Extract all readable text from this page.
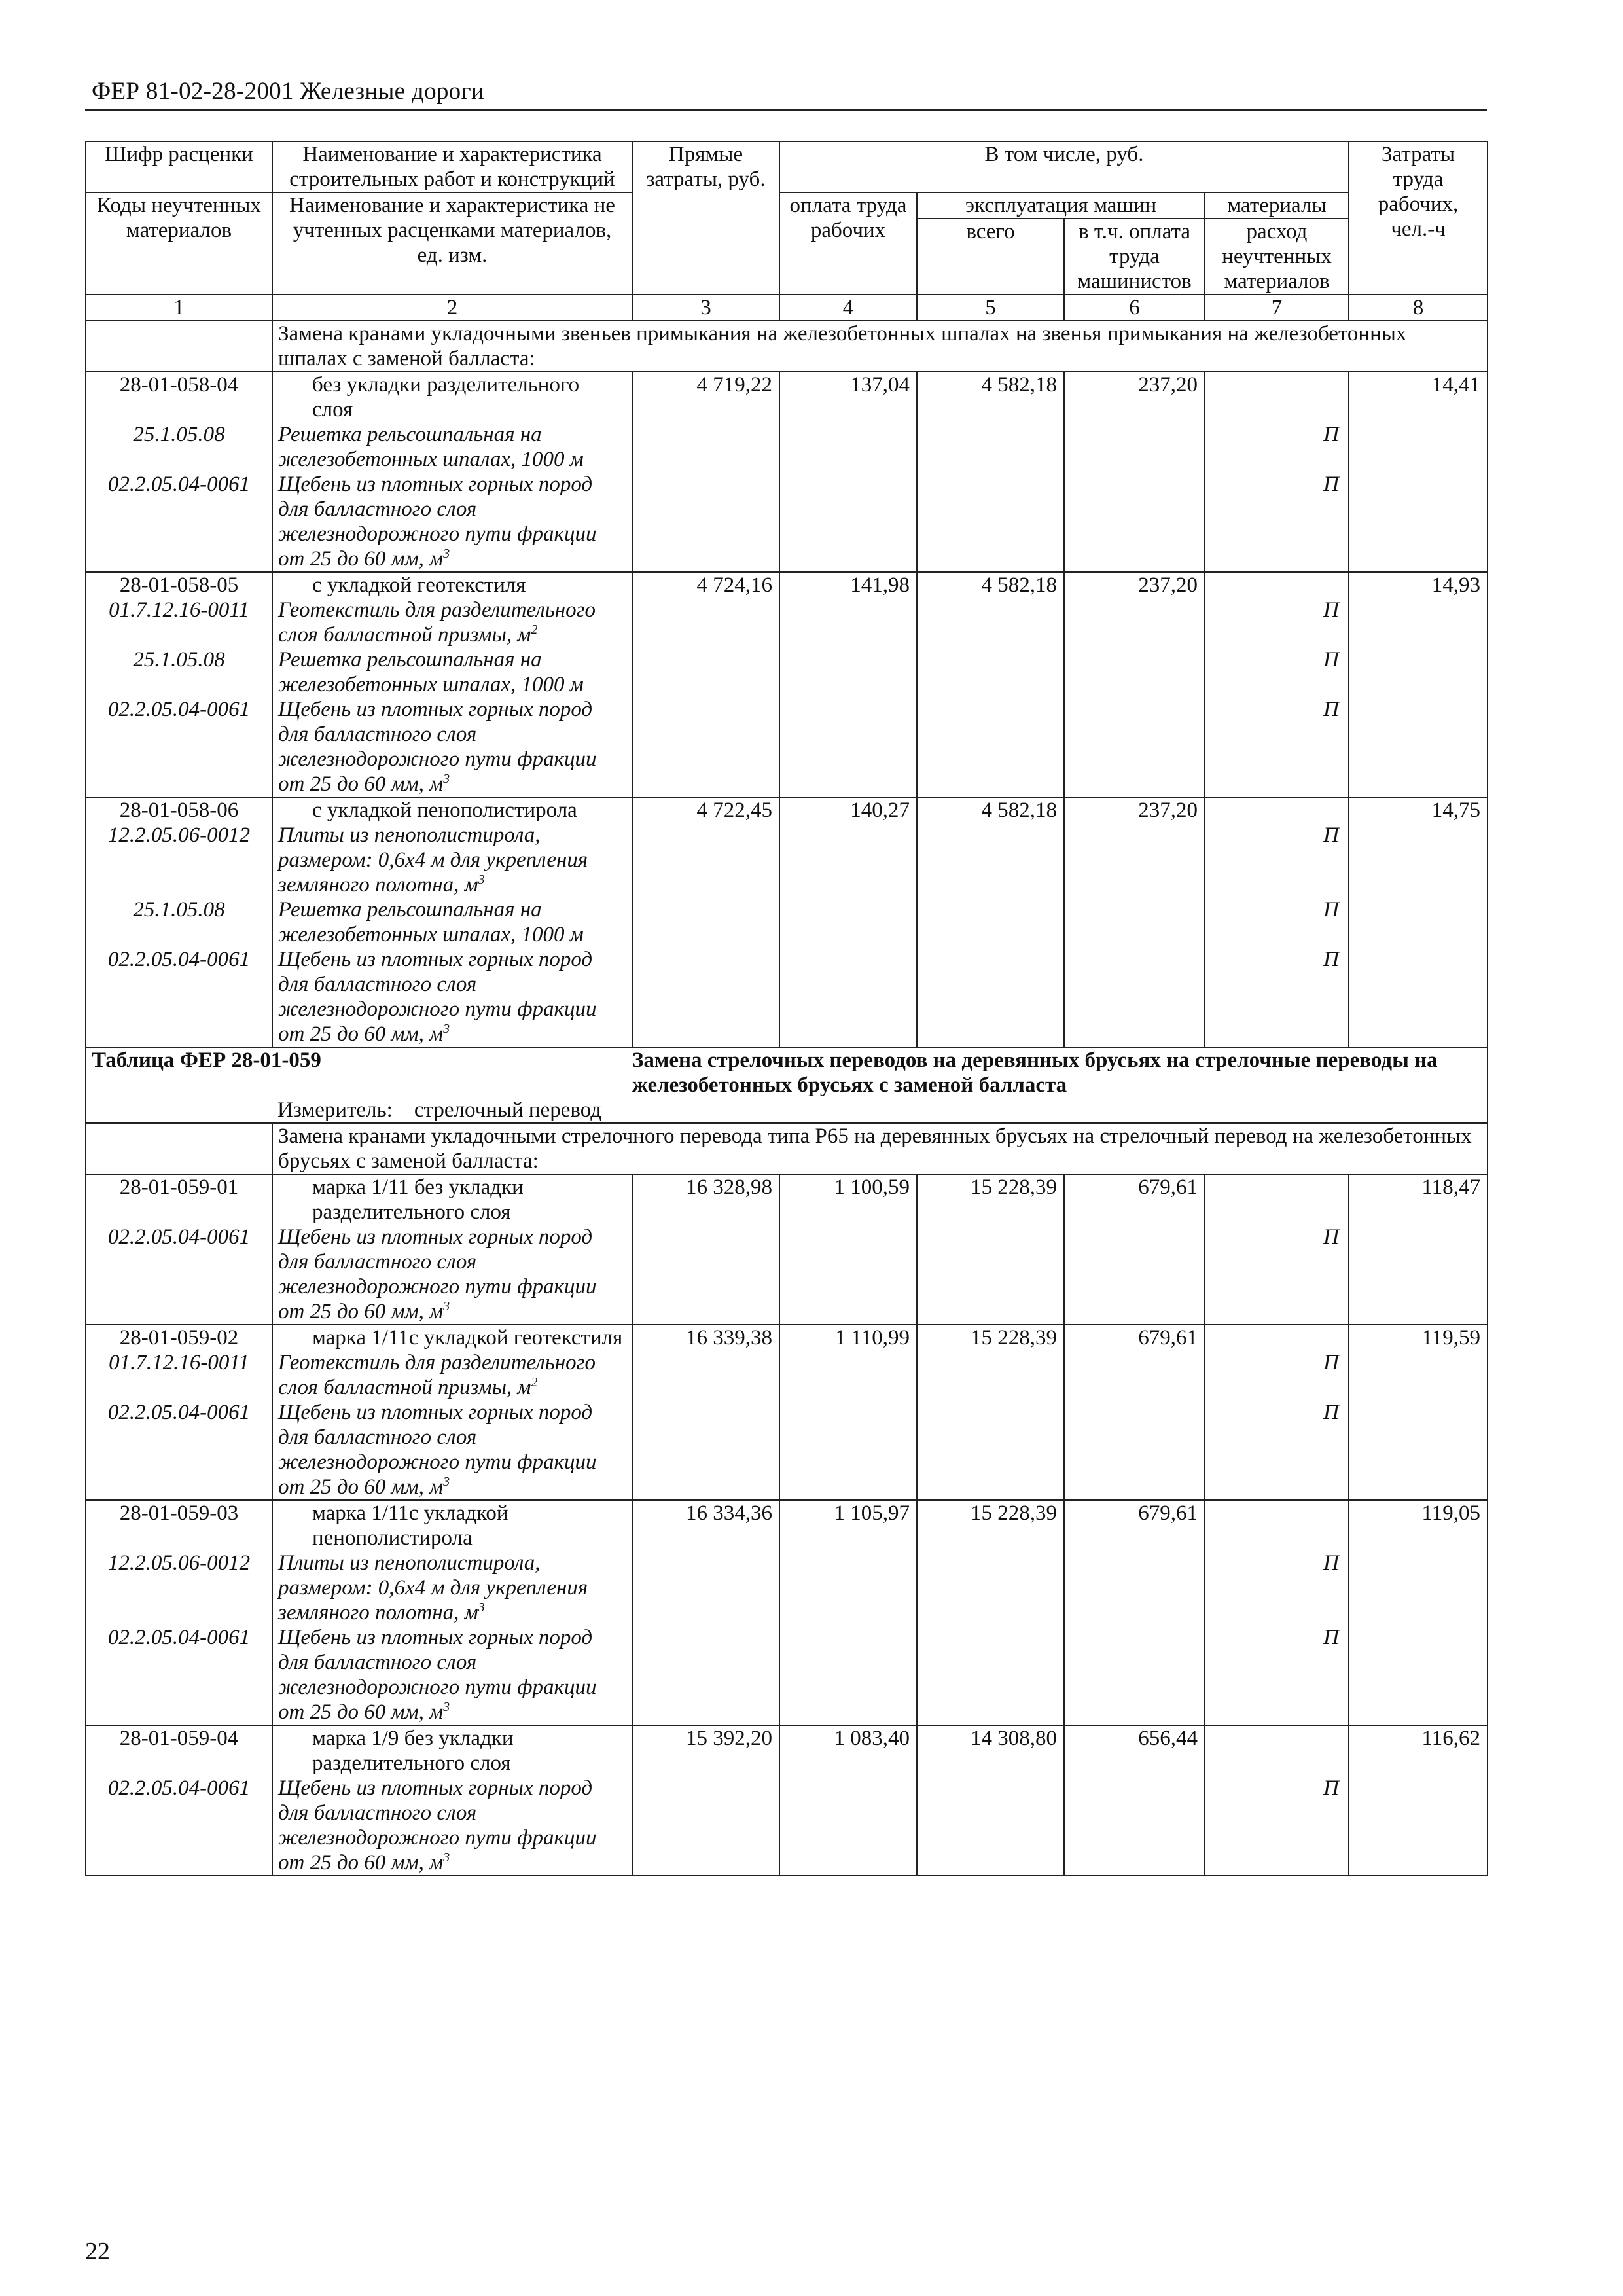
ФЕР 81-02-28-2001 Железные дороги
Шифр расценки	Наименование и характеристика строительных работ и конструкций	Прямые затраты, руб.	В том числе, руб.				Затраты труда рабочих, чел.-ч
Коды неучтенных материалов	Наименование и характеристика не учтенных расценками материалов, ед. изм.		оплата труда рабочих	эксплуатация машин		материалы	
				всего	в т.ч. оплата труда машинистов	расход неучтенных материалов	
1	2	3	4	5	6	7	8
	Замена кранами укладочными звеньев примыкания на железобетонных шпалах на звенья примыкания на железобетонных шпалах с заменой балласта:						
28-01-058-04	без укладки разделительного слоя	4 719,22	137,04	4 582,18	237,20		14,41
25.1.05.08	Решетка рельсошпальная на железобетонных шпалах, 1000 м					П	
02.2.05.04-0061	Щебень из плотных горных пород для балластного слоя железнодорожного пути фракции от 25 до 60 мм, $м^3$					П	
28-01-058-05	с укладкой геотекстиля	4 724,16	141,98	4 582,18	237,20		14,93
01.7.12.16-0011	Геотекстиль для разделительного слоя балластной призмы, $м^2$					П	
25.1.05.08	Решетка рельсошпальная на железобетонных шпалах, 1000 м					П	
02.2.05.04-0061	Щебень из плотных горных пород для балластного слоя железнодорожного пути фракции от 25 до 60 мм, $м^3$					П	
28-01-058-06	с укладкой пенополистирола	4 722,45	140,27	4 582,18	237,20		14,75
12.2.05.06-0012	Плиты из пенополистирола, размером: 0,6х4 м для укрепления земляного полотна, $м^3$					П	
25.1.05.08	Решетка рельсошпальная на железобетонных шпалах, 1000 м					П	
02.2.05.04-0061	Щебень из плотных горных пород для балластного слоя железнодорожного пути фракции от 25 до 60 мм, $м^3$					П	
Таблица ФЕР 28-01-059		Замена стрелочных переводов на деревянных брусьях на стрелочные переводы на железобетонных брусьях с заменой балласта					
	Измеритель: стрелочный перевод						
	Замена кранами укладочными стрелочного перевода типа Р65 на деревянных брусьях на стрелочный перевод на железобетонных брусьях с заменой балласта:						
28-01-059-01	марка 1/11 без укладки разделительного слоя	16 328,98	1 100,59	15 228,39	679,61		118,47
02.2.05.04-0061	Щебень из плотных горных пород для балластного слоя железнодорожного пути фракции от 25 до 60 мм, $м^3$					П	
28-01-059-02	марка 1/11с укладкой геотекстиля	16 339,38	1 110,99	15 228,39	679,61		119,59
01.7.12.16-0011	Геотекстиль для разделительного слоя балластной призмы, $м^2$					П	
02.2.05.04-0061	Щебень из плотных горных пород для балластного слоя железнодорожного пути фракции от 25 до 60 мм, $м^3$					П	
28-01-059-03	марка 1/11с укладкой пенополистирола	16 334,36	1 105,97	15 228,39	679,61		119,05
12.2.05.06-0012	Плиты из пенополистирола, размером: 0,6х4 м для укрепления земляного полотна, $м^3$					П	
02.2.05.04-0061	Щебень из плотных горных пород для балластного слоя железнодорожного пути фракции от 25 до 60 мм, $м^3$					П	
28-01-059-04	марка 1/9 без укладки разделительного слоя	15 392,20	1 083,40	14 308,80	656,44		116,62
02.2.05.04-0061	Щебень из плотных горных пород для балластного слоя железнодорожного пути фракции от 25 до 60 мм, $м^3$					П	
22
